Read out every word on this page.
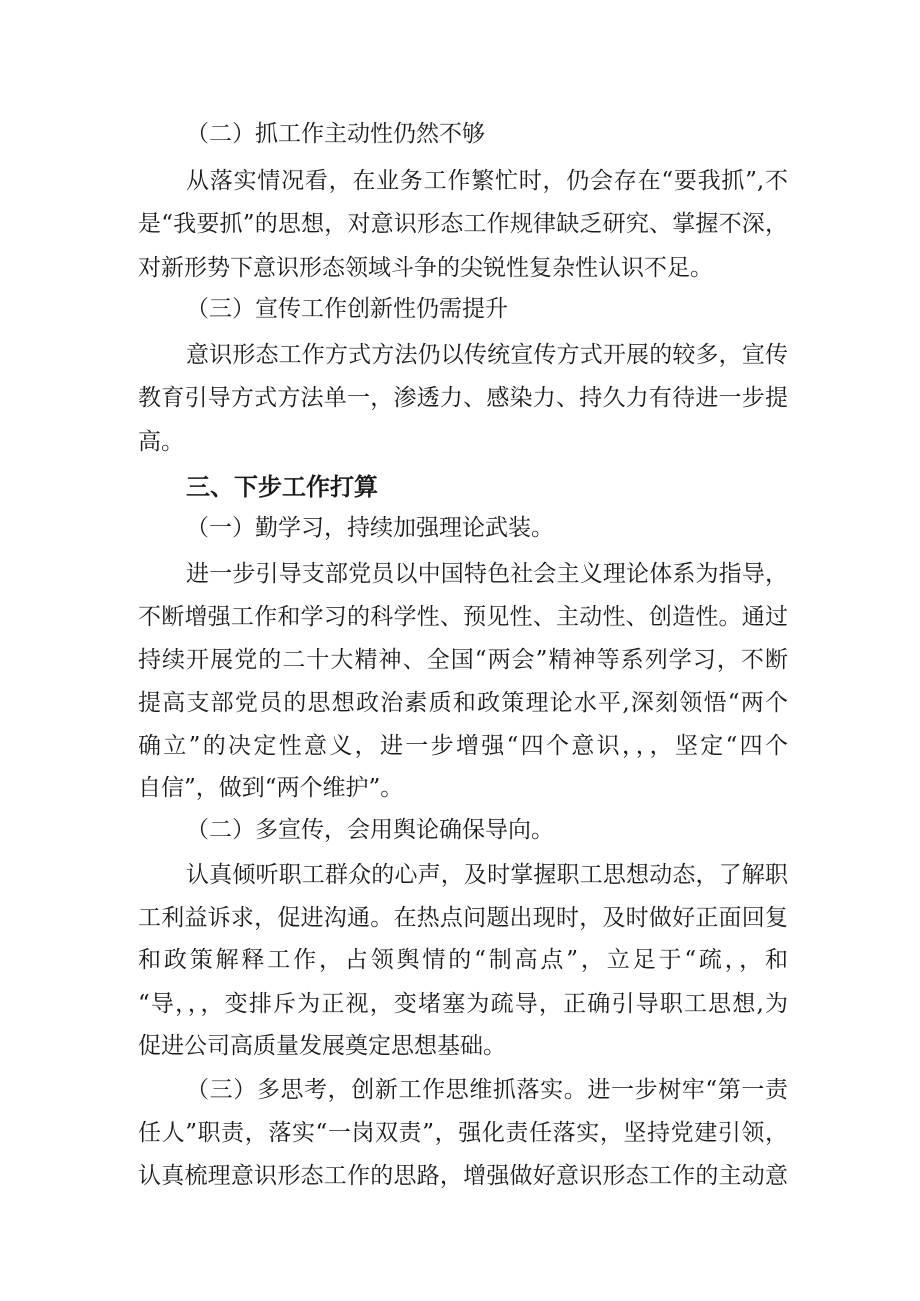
（二）抓工作主动性仍然不够
从落实情况看，在业务工作繁忙时，仍会存在“要我抓”,不
是“我要抓”的思想，对意识形态工作规律缺乏研究、掌握不深，
对新形势下意识形态领域斗争的尖锐性复杂性认识不足。
（三）宣传工作创新性仍需提升
意识形态工作方式方法仍以传统宣传方式开展的较多，宣传
教育引导方式方法单一，渗透力、感染力、持久力有待进一步提
高。
三、下步工作打算
（一）勤学习，持续加强理论武装。
进一步引导支部党员以中国特色社会主义理论体系为指导，
不断增强工作和学习的科学性、预见性、主动性、创造性。通过
持续开展党的二十大精神、全国“两会”精神等系列学习，不断
提高支部党员的思想政治素质和政策理论水平,深刻领悟“两个
确立”的决定性意义，进一步增强“四个意识，，，坚定“四个
自信”，做到“两个维护”。
（二）多宣传，会用舆论确保导向。
认真倾听职工群众的心声，及时掌握职工思想动态，了解职
工利益诉求，促进沟通。在热点问题出现时，及时做好正面回复
和政策解释工作，占领舆情的“制高点”，立足于“疏，，和
“导，，，变排斥为正视，变堵塞为疏导，正确引导职工思想,为
促进公司高质量发展奠定思想基础。
（三）多思考，创新工作思维抓落实。进一步树牢“第一责
任人”职责，落实“一岗双责”，强化责任落实，坚持党建引领，
认真梳理意识形态工作的思路，增强做好意识形态工作的主动意
